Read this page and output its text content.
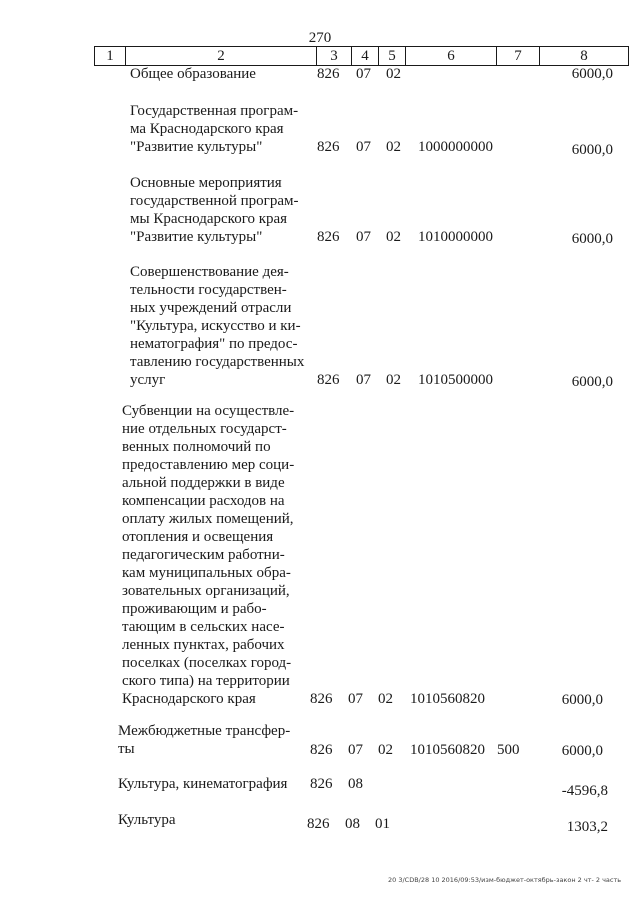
270
1	2	3	4	5	6	7	8
Общее образование	826 07 02	6000,0
Государственная програм-
ма Краснодарского края
"Развитие культуры"	826 07 02 1000000000	6000,0
Основные мероприятия
государственной програм-
мы Краснодарского края
"Развитие культуры"	826 07 02 1010000000	6000,0
Совершенствование дея-
тельности государствен-
ных учреждений отрасли
"Культура, искусство и ки-
нематография" по предос-
тавлению государственных
услуг	826 07 02 1010500000	6000,0
Субвенции на осуществле-
ние отдельных государст-
венных полномочий по
предоставлению мер соци-
альной поддержки в виде
компенсации расходов на
оплату жилых помещений,
отопления и освещения
педагогическим работни-
кам муниципальных обра-
зовательных организаций,
проживающим и рабо-
тающим в сельских насе-
ленных пунктах, рабочих
поселках (поселках город-
ского типа) на территории
Краснодарского края	826 07 02 1010560820	6000,0
Межбюджетные трансфер-
ты	826 07 02 1010560820 500	6000,0
Культура, кинематография	826 08	-4596,8
Культура	826 08 01	1303,2
20 3/CDB/28 10 2016/09:53/изм-бюджет-октябрь-закон 2 чт- 2 часть
